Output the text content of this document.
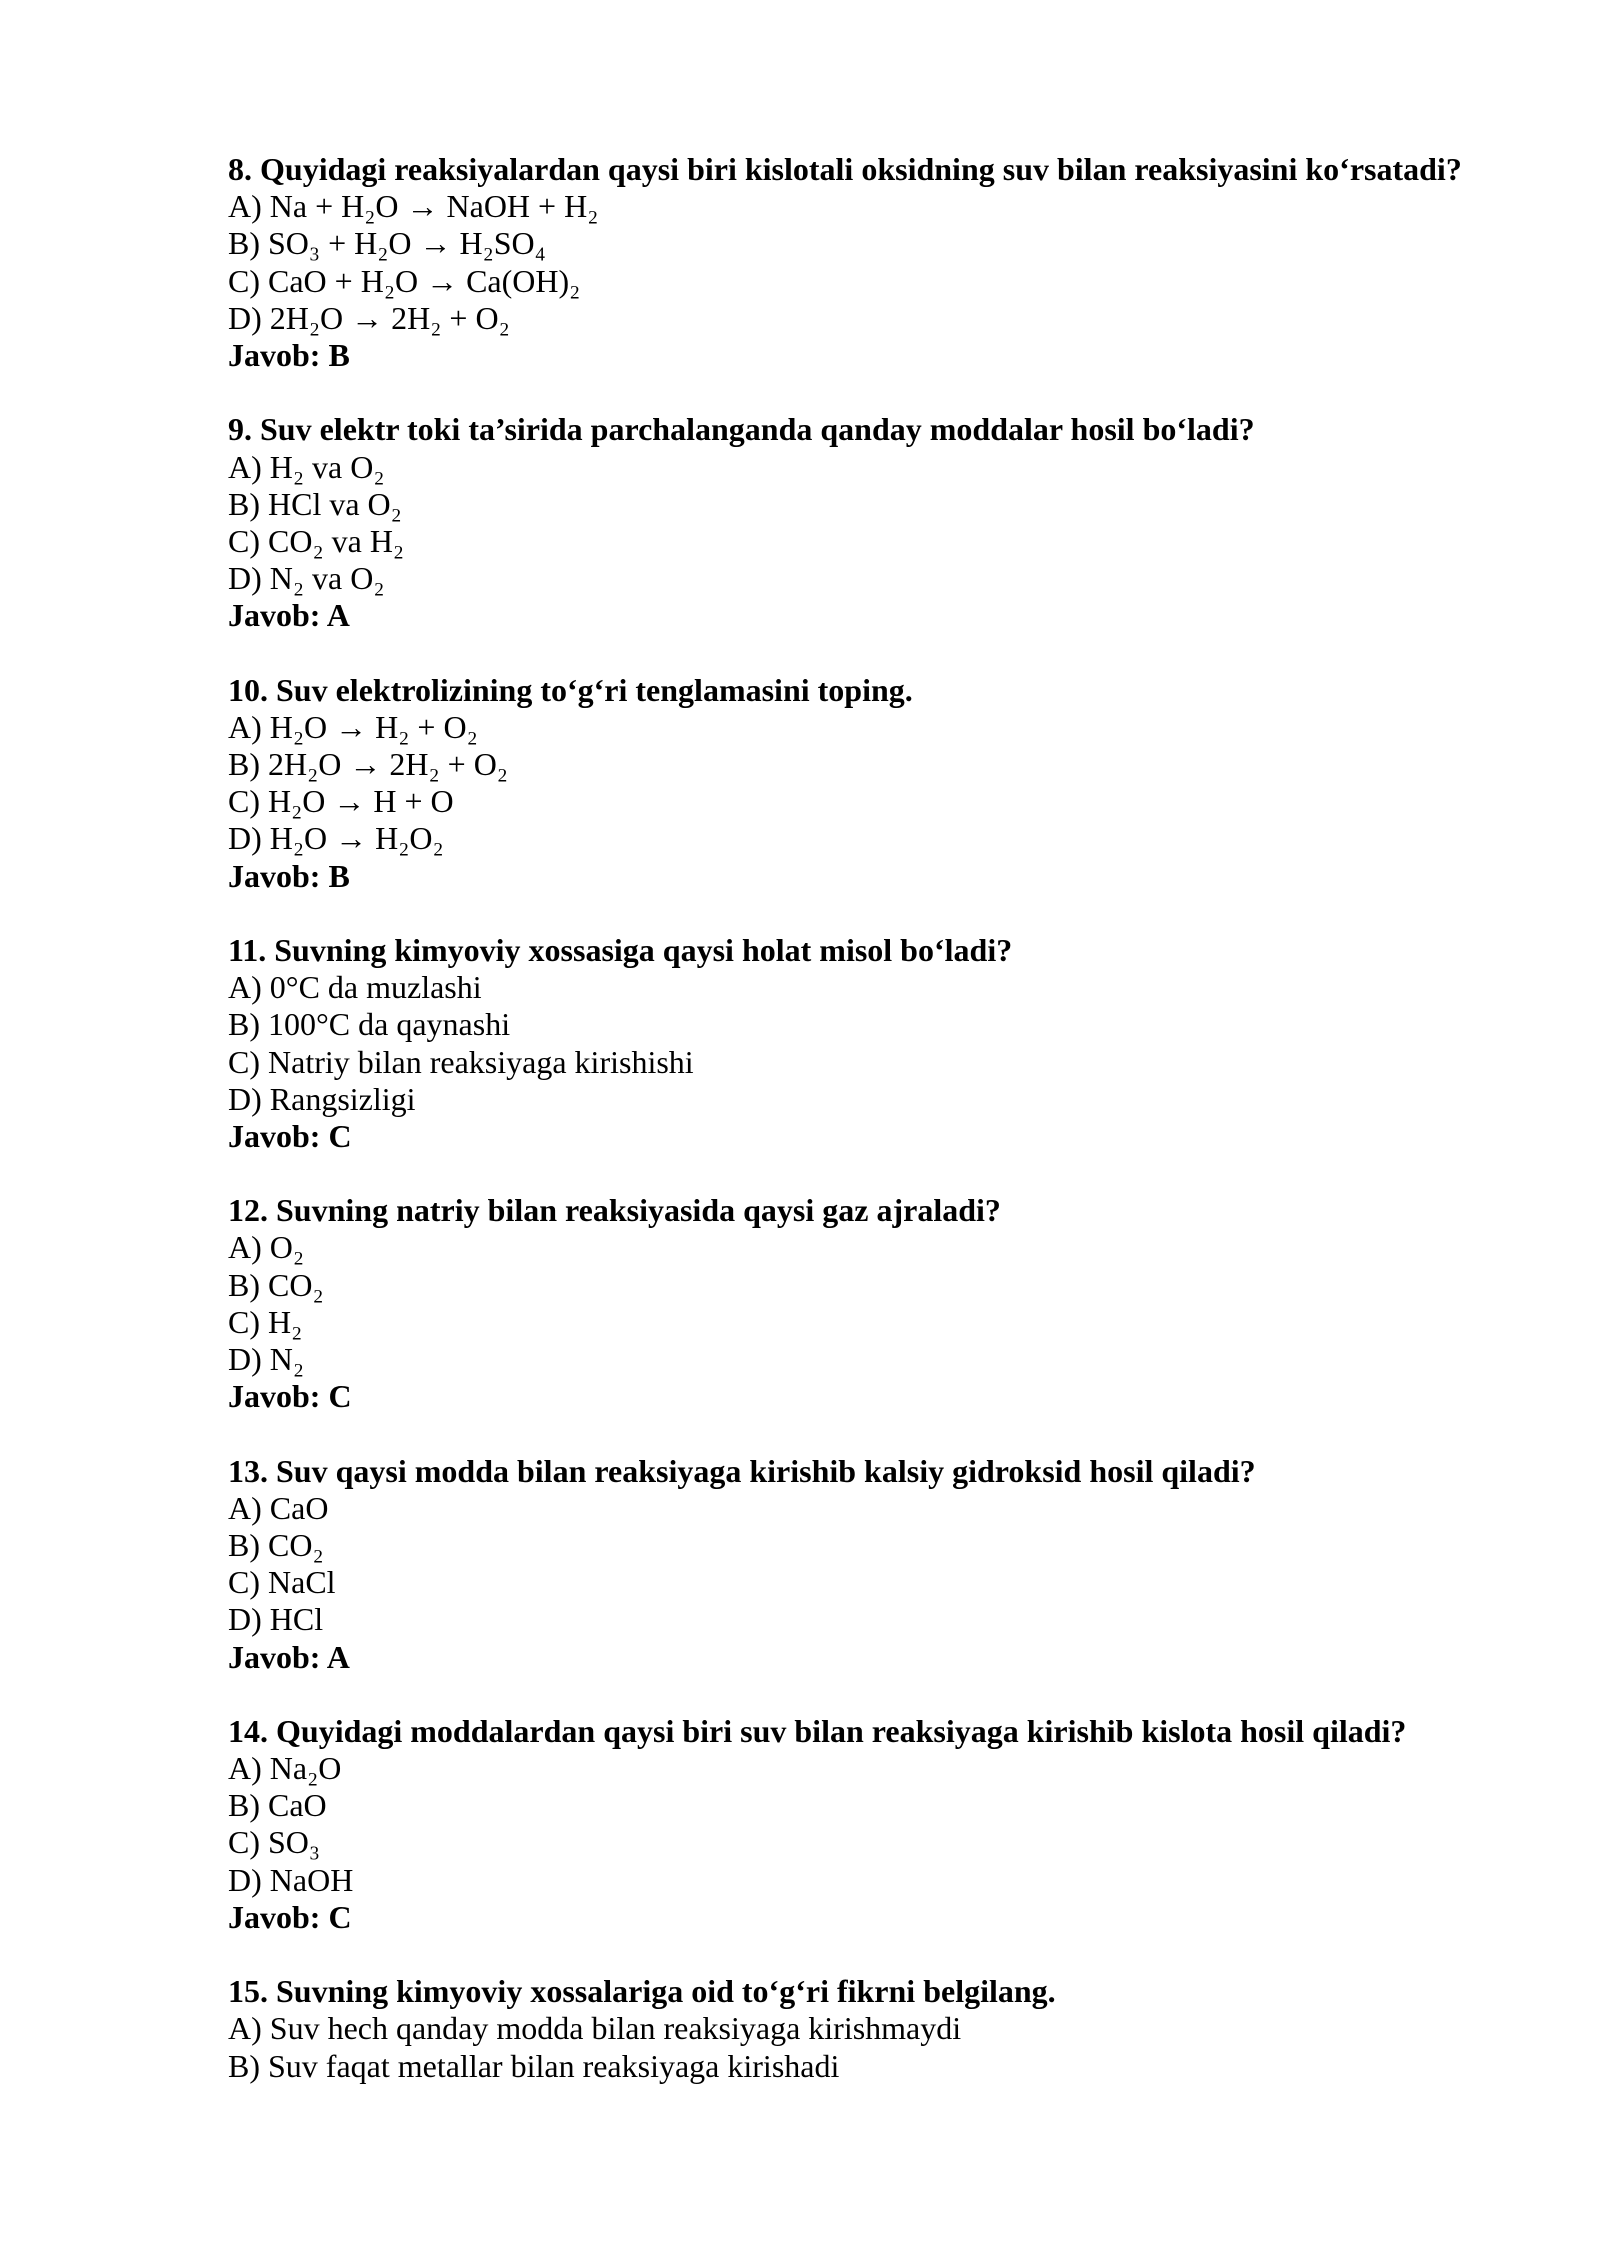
8. Quyidagi reaksiyalardan qaysi biri kislotali oksidning suv bilan reaksiyasini ko‘rsatadi?
A) Na + H₂O → NaOH + H₂
B) SO₃ + H₂O → H₂SO₄
C) CaO + H₂O → Ca(OH)₂
D) 2H₂O → 2H₂ + O₂
Javob: B
9. Suv elektr toki ta’sirida parchalanganda qanday moddalar hosil bo‘ladi?
A) H₂ va O₂
B) HCl va O₂
C) CO₂ va H₂
D) N₂ va O₂
Javob: A
10. Suv elektrolizining to‘g‘ri tenglamasini toping.
A) H₂O → H₂ + O₂
B) 2H₂O → 2H₂ + O₂
C) H₂O → H + O
D) H₂O → H₂O₂
Javob: B
11. Suvning kimyoviy xossasiga qaysi holat misol bo‘ladi?
A) 0°C da muzlashi
B) 100°C da qaynashi
C) Natriy bilan reaksiyaga kirishishi
D) Rangsizligi
Javob: C
12. Suvning natriy bilan reaksiyasida qaysi gaz ajraladi?
A) O₂
B) CO₂
C) H₂
D) N₂
Javob: C
13. Suv qaysi modda bilan reaksiyaga kirishib kalsiy gidroksid hosil qiladi?
A) CaO
B) CO₂
C) NaCl
D) HCl
Javob: A
14. Quyidagi moddalardan qaysi biri suv bilan reaksiyaga kirishib kislota hosil qiladi?
A) Na₂O
B) CaO
C) SO₃
D) NaOH
Javob: C
15. Suvning kimyoviy xossalariga oid to‘g‘ri fikrni belgilang.
A) Suv hech qanday modda bilan reaksiyaga kirishmaydi
B) Suv faqat metallar bilan reaksiyaga kirishadi
